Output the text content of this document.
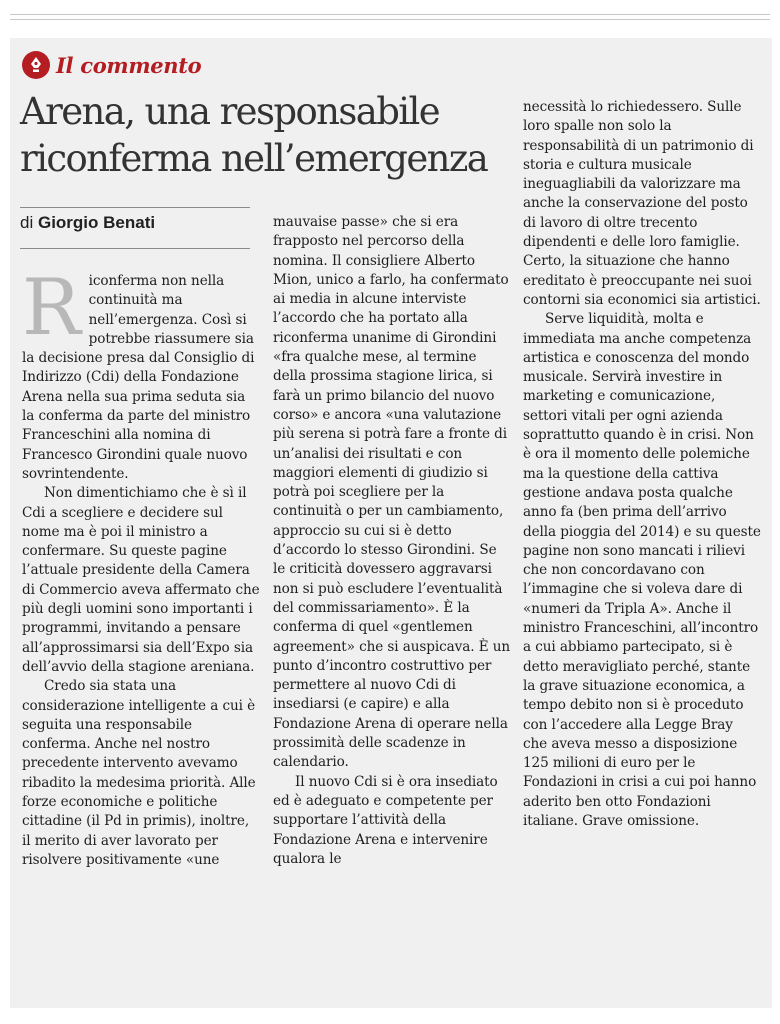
Il commento
Arena, una responsabile riconferma nell’emergenza
di Giorgio Benati
R iconferma non nella continuità ma nell’emergenza. Così si potrebbe riassumere sia la decisione presa dal Consiglio di Indirizzo (Cdi) della Fondazione Arena nella sua prima seduta sia la conferma da parte del ministro Franceschini alla nomina di Francesco Girondini quale nuovo sovrintendente.

Non dimentichiamo che è sì il Cdi a scegliere e decidere sul nome ma è poi il ministro a confermare. Su queste pagine l’attuale presidente della Camera di Commercio aveva affermato che più degli uomini sono importanti i programmi, invitando a pensare all’approssimarsi sia dell’Expo sia dell’avvio della stagione areniana.

Credo sia stata una considerazione intelligente a cui è seguita una responsabile conferma. Anche nel nostro precedente intervento avevamo ribadito la medesima priorità. Alle forze economiche e politiche cittadine (il Pd in primis), inoltre, il merito di aver lavorato per risolvere positivamente «une

mauvaise passe» che si era frapposto nel percorso della nomina. Il consigliere Alberto Mion, unico a farlo, ha confermato ai media in alcune interviste l’accordo che ha portato alla riconferma unanime di Girondini «fra qualche mese, al termine della prossima stagione lirica, si farà un primo bilancio del nuovo corso» e ancora «una valutazione più serena si potrà fare a fronte di un’analisi dei risultati e con maggiori elementi di giudizio si potrà poi scegliere per la continuità o per un cambiamento, approccio su cui si è detto d’accordo lo stesso Girondini. Se le criticità dovessero aggravarsi non si può escludere l’eventualità del commissariamento». È la conferma di quel «gentlemen agreement» che si auspicava. È un punto d’incontro costruttivo per permettere al nuovo Cdi di insediarsi (e capire) e alla Fondazione Arena di operare nella prossimità delle scadenze in calendario.

Il nuovo Cdi si è ora insediato ed è adeguato e competente per supportare l’attività della Fondazione Arena e intervenire qualora le

necessità lo richiedessero. Sulle loro spalle non solo la responsabilità di un patrimonio di storia e cultura musicale ineguagliabili da valorizzare ma anche la conservazione del posto di lavoro di oltre trecento dipendenti e delle loro famiglie. Certo, la situazione che hanno ereditato è preoccupante nei suoi contorni sia economici sia artistici.

Serve liquidità, molta e immediata ma anche competenza artistica e conoscenza del mondo musicale. Servirà investire in marketing e comunicazione, settori vitali per ogni azienda soprattutto quando è in crisi. Non è ora il momento delle polemiche ma la questione della cattiva gestione andava posta qualche anno fa (ben prima dell’arrivo della pioggia del 2014) e su queste pagine non sono mancati i rilievi che non concordavano con l’immagine che si voleva dare di «numeri da Tripla A». Anche il ministro Franceschini, all’incontro a cui abbiamo partecipato, si è detto meravigliato perché, stante la grave situazione economica, a tempo debito non si è proceduto con l’accedere alla Legge Bray che aveva messo a disposizione 125 milioni di euro per le Fondazioni in crisi a cui poi hanno aderito ben otto Fondazioni italiane. Grave omissione.
